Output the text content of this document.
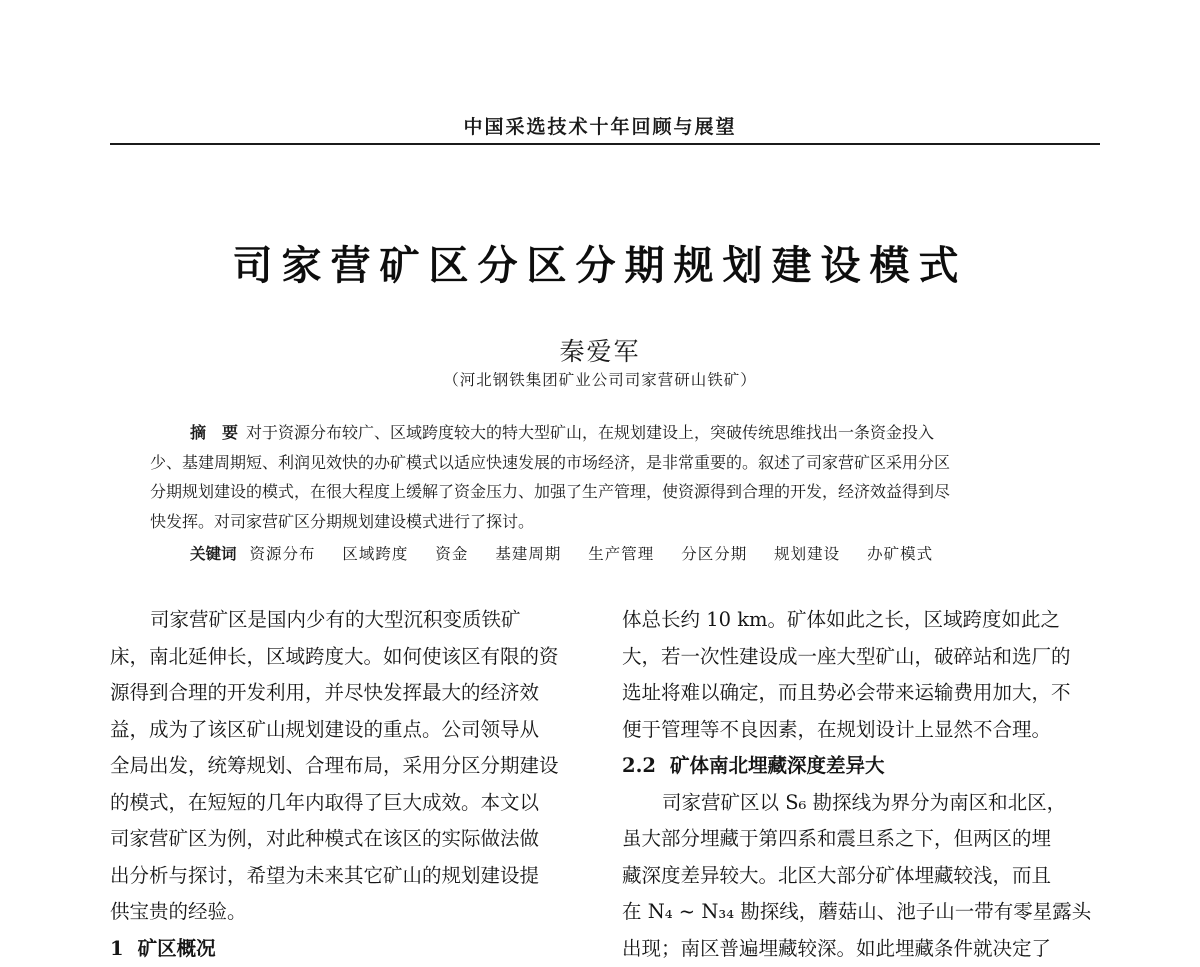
中国采选技术十年回顾与展望
司家营矿区分区分期规划建设模式
秦爱军
（河北钢铁集团矿业公司司家营研山铁矿）
摘　要 对于资源分布较广、区域跨度较大的特大型矿山，在规划建设上，突破传统思维找出一条资金投入
少、基建周期短、利润见效快的办矿模式以适应快速发展的市场经济，是非常重要的。叙述了司家营矿区采用分区
分期规划建设的模式，在很大程度上缓解了资金压力、加强了生产管理，使资源得到合理的开发，经济效益得到尽
快发挥。对司家营矿区分期规划建设模式进行了探讨。
关键词 资源分布 区域跨度 资金 基建周期 生产管理 分区分期 规划建设 办矿模式
司家营矿区是国内少有的大型沉积变质铁矿
床，南北延伸长，区域跨度大。如何使该区有限的资
源得到合理的开发利用，并尽快发挥最大的经济效
益，成为了该区矿山规划建设的重点。公司领导从
全局出发，统筹规划、合理布局，采用分区分期建设
的模式，在短短的几年内取得了巨大成效。本文以
司家营矿区为例，对此种模式在该区的实际做法做
出分析与探讨，希望为未来其它矿山的规划建设提
供宝贵的经验。
1 矿区概况
体总长约 10 km。矿体如此之长，区域跨度如此之
大，若一次性建设成一座大型矿山，破碎站和选厂的
选址将难以确定，而且势必会带来运输费用加大，不
便于管理等不良因素，在规划设计上显然不合理。
2.2 矿体南北埋藏深度差异大
司家营矿区以 S₆ 勘探线为界分为南区和北区，
虽大部分埋藏于第四系和震旦系之下，但两区的埋
藏深度差异较大。北区大部分矿体埋藏较浅，而且
在 N₄ ~ N₃₄ 勘探线，蘑菇山、池子山一带有零星露头
出现；南区普遍埋藏较深。如此埋藏条件就决定了
